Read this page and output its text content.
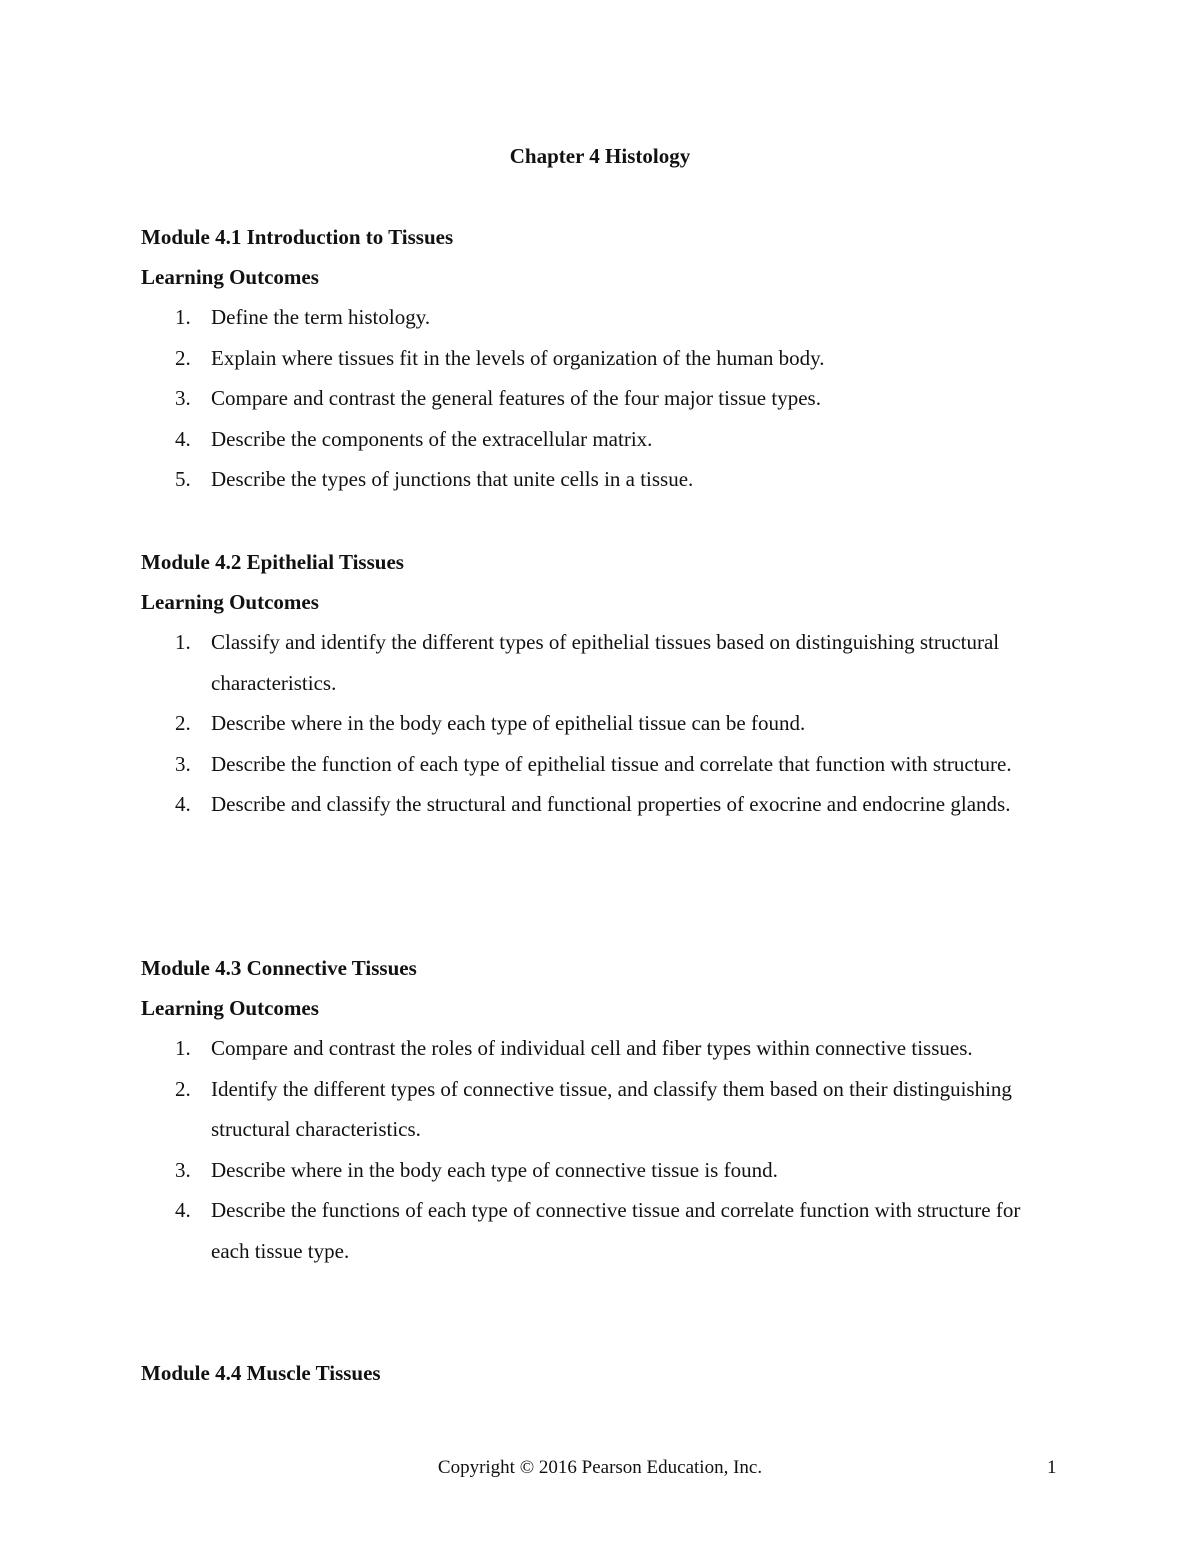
Chapter 4 Histology

Module 4.1 Introduction to Tissues

Learning Outcomes

1. Define the term histology.
2. Explain where tissues fit in the levels of organization of the human body.
3. Compare and contrast the general features of the four major tissue types.
4. Describe the components of the extracellular matrix.
5. Describe the types of junctions that unite cells in a tissue.

Module 4.2 Epithelial Tissues

Learning Outcomes

1. Classify and identify the different types of epithelial tissues based on distinguishing structural characteristics.
2. Describe where in the body each type of epithelial tissue can be found.
3. Describe the function of each type of epithelial tissue and correlate that function with structure.
4. Describe and classify the structural and functional properties of exocrine and endocrine glands.

Module 4.3 Connective Tissues

Learning Outcomes

1. Compare and contrast the roles of individual cell and fiber types within connective tissues.
2. Identify the different types of connective tissue, and classify them based on their distinguishing structural characteristics.
3. Describe where in the body each type of connective tissue is found.
4. Describe the functions of each type of connective tissue and correlate function with structure for each tissue type.

Module 4.4 Muscle Tissues

Copyright © 2016 Pearson Education, Inc.	1
